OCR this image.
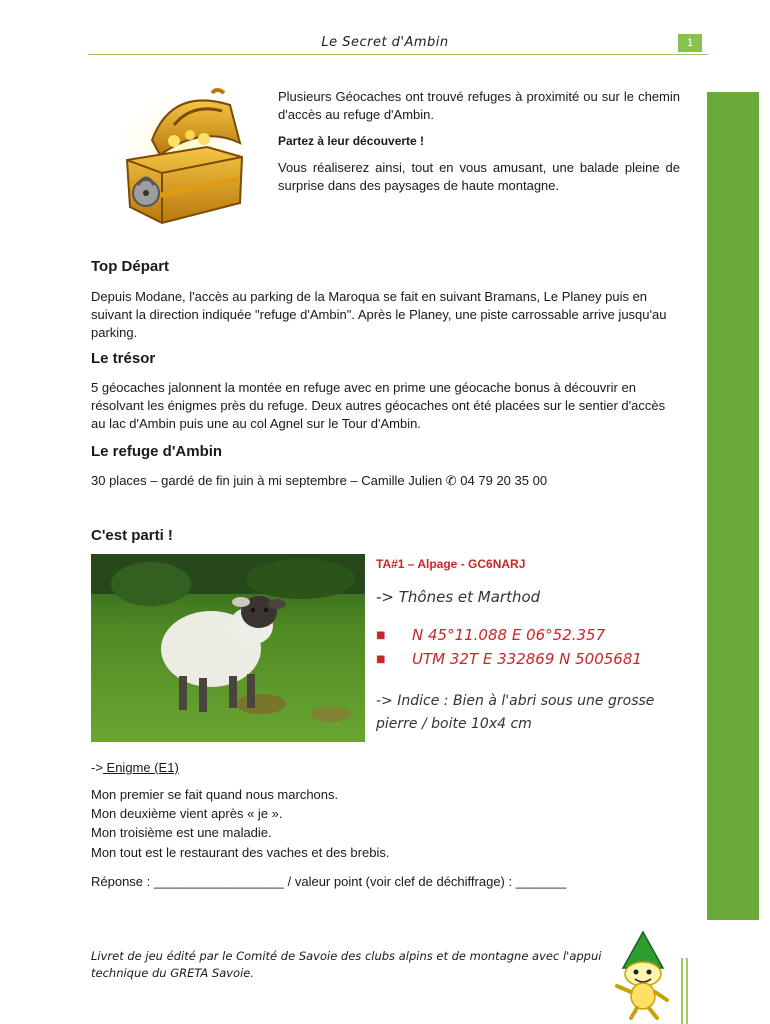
Le Secret d'Ambin	1

Plusieurs Géocaches ont trouvé refuges à proximité ou sur le chemin d'accès au refuge d'Ambin.

Partez à leur découverte !

Vous réaliserez ainsi, tout en vous amusant, une balade pleine de surprise dans des paysages de haute montagne.

Top Départ

Depuis Modane, l'accès au parking de la Maroqua se fait en suivant Bramans, Le Planey puis en suivant la direction indiquée "refuge d'Ambin". Après le Planey, une piste carrossable arrive jusqu'au parking.

Le trésor

5 géocaches jalonnent la montée en refuge avec en prime une géocache bonus à découvrir en résolvant les énigmes près du refuge. Deux autres géocaches ont été placées sur le sentier d'accès au lac d'Ambin puis une au col Agnel sur le Tour d'Ambin.

Le refuge d'Ambin

30 places – gardé de fin juin à mi septembre – Camille Julien ✆ 04 79 20 35 00

C'est parti !
TA#1 – Alpage - GC6NARJ
-> Thônes et Marthod
■ N 45°11.088 E 06°52.357
■ UTM 32T E 332869 N 5005681
-> Indice : Bien à l'abri sous une grosse pierre / boite 10x4 cm
-> Enigme (E1)
Mon premier se fait quand nous marchons.
Mon deuxième vient après « je ».
Mon troisième est une maladie.
Mon tout est le restaurant des vaches et des brebis.
Réponse : __________________ / valeur point (voir clef de déchiffrage) : _______
Livret de jeu édité par le Comité de Savoie des clubs alpins et de montagne avec l'appui technique du GRETA Savoie.
